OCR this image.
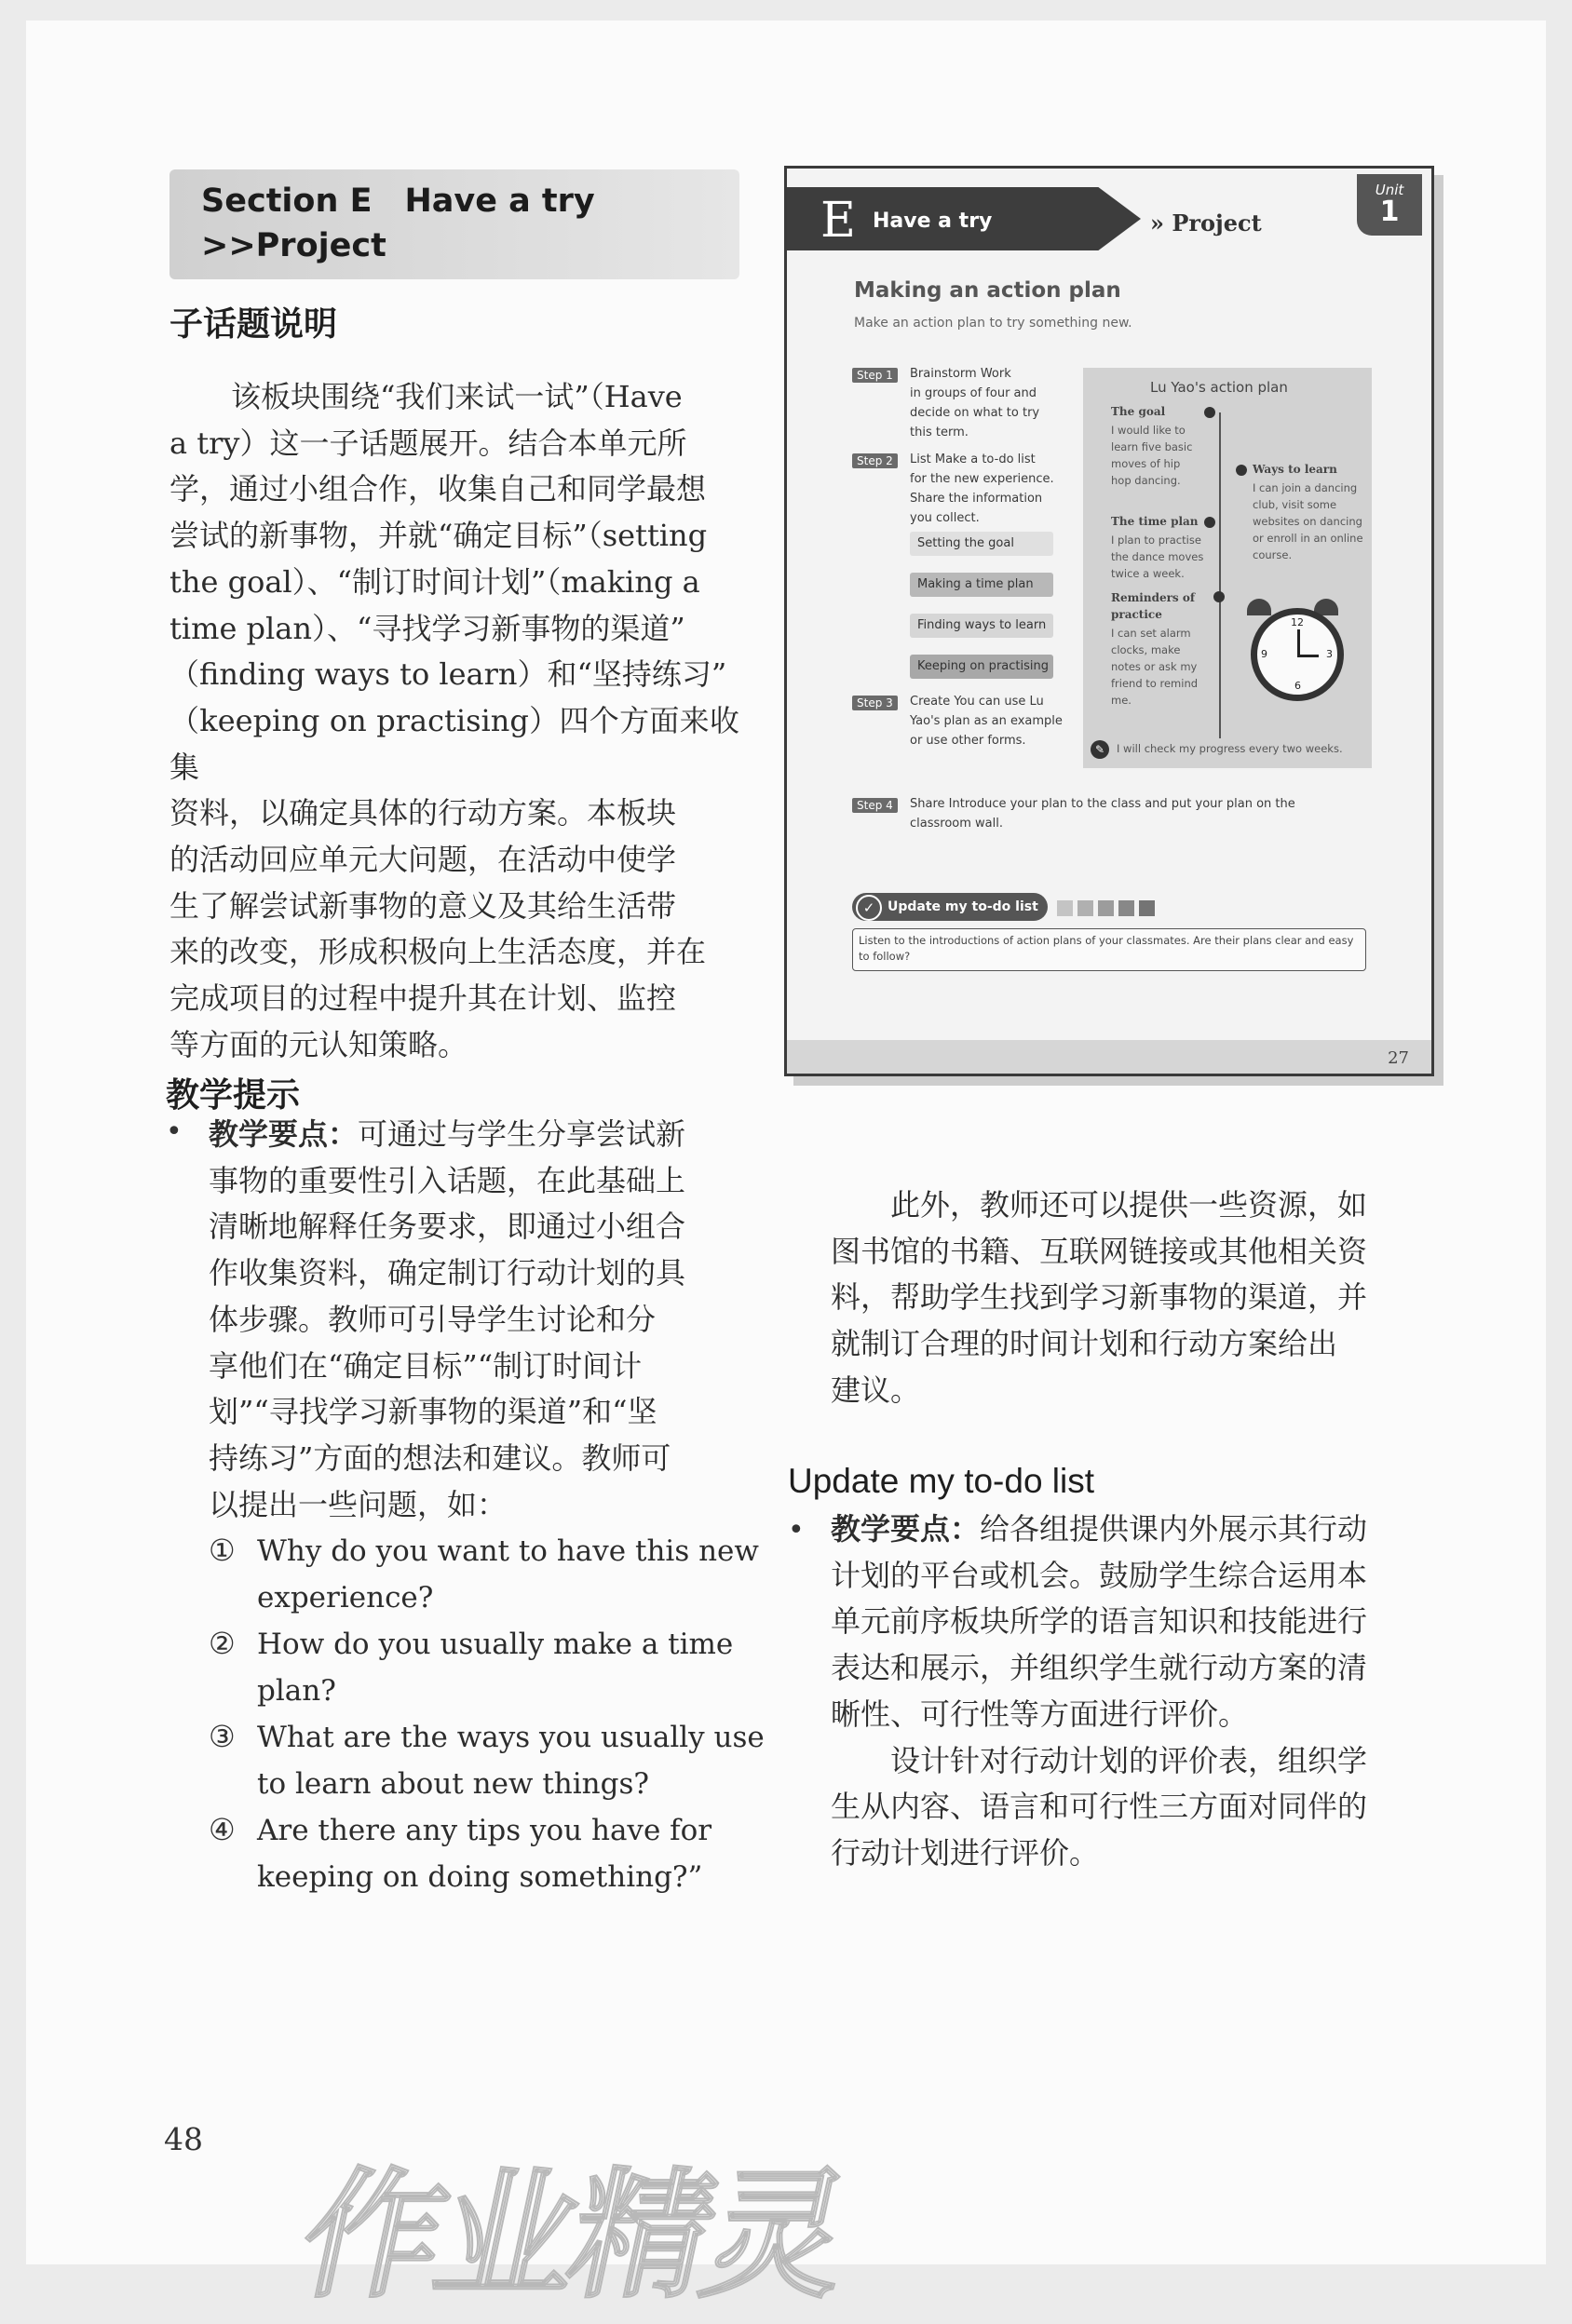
Section E Have a try
>>Project
子话题说明
该板块围绕“我们来试一试”（Have
a try）这一子话题展开。结合本单元所
学，通过小组合作，收集自己和同学最想
尝试的新事物，并就“确定目标”（setting
the goal）、“制订时间计划”（making a
time plan）、“寻找学习新事物的渠道”
（finding ways to learn）和“坚持练习”
（keeping on practising）四个方面来收集
资料，以确定具体的行动方案。本板块
的活动回应单元大问题，在活动中使学
生了解尝试新事物的意义及其给生活带
来的改变，形成积极向上生活态度，并在
完成项目的过程中提升其在计划、监控
等方面的元认知策略。
教学提示
• 教学要点：可通过与学生分享尝试新
事物的重要性引入话题，在此基础上
清晰地解释任务要求，即通过小组合
作收集资料，确定制订行动计划的具
体步骤。教师可引导学生讨论和分
享他们在“确定目标”“制订时间计
划”“寻找学习新事物的渠道”和“坚
持练习”方面的想法和建议。教师可
以提出一些问题，如：
① Why do you want to have this new
experience?
② How do you usually make a time
plan?
③ What are the ways you usually use
to learn about new things?
④ Are there any tips you have for
keeping on doing something?”
此外，教师还可以提供一些资源，如
图书馆的书籍、互联网链接或其他相关资
料，帮助学生找到学习新事物的渠道，并
就制订合理的时间计划和行动方案给出
建议。
Update my to-do list
• 教学要点：给各组提供课内外展示其行动
计划的平台或机会。鼓励学生综合运用本
单元前序板块所学的语言知识和技能进行
表达和展示，并组织学生就行动方案的清
晰性、可行性等方面进行评价。
设计针对行动计划的评价表，组织学
生从内容、语言和可行性三方面对同伴的
行动计划进行评价。
48
作业精灵
E Have a try	» Project
Unit
1
Making an action plan
Make an action plan to try something new.
Step 1	Brainstorm Work
in groups of four and
decide on what to try
this term.
Step 2	List Make a to-do list
for the new experience.
Share the information
you collect.
Setting the goal
Making a time plan
Finding ways to learn
Keeping on practising
Step 3	Create You can use Lu
Yao's plan as an example
or use other forms.
Lu Yao's action plan
The goal
I would like to
learn five basic
moves of hip
hop dancing.
Ways to learn
I can join a dancing
club, visit some
websites on dancing
or enroll in an online
course.
The time plan
I plan to practise
the dance moves
twice a week.
Reminders of practice
I can set alarm
clocks, make
notes or ask my
friend to remind
me.
12
3
6
9
✎	I will check my progress every two weeks.
Step 4	Share Introduce your plan to the class and put your plan on the
classroom wall.
Update my to-do list
✓
Listen to the introductions of action plans of your classmates. Are their plans clear and easy to follow?
27
